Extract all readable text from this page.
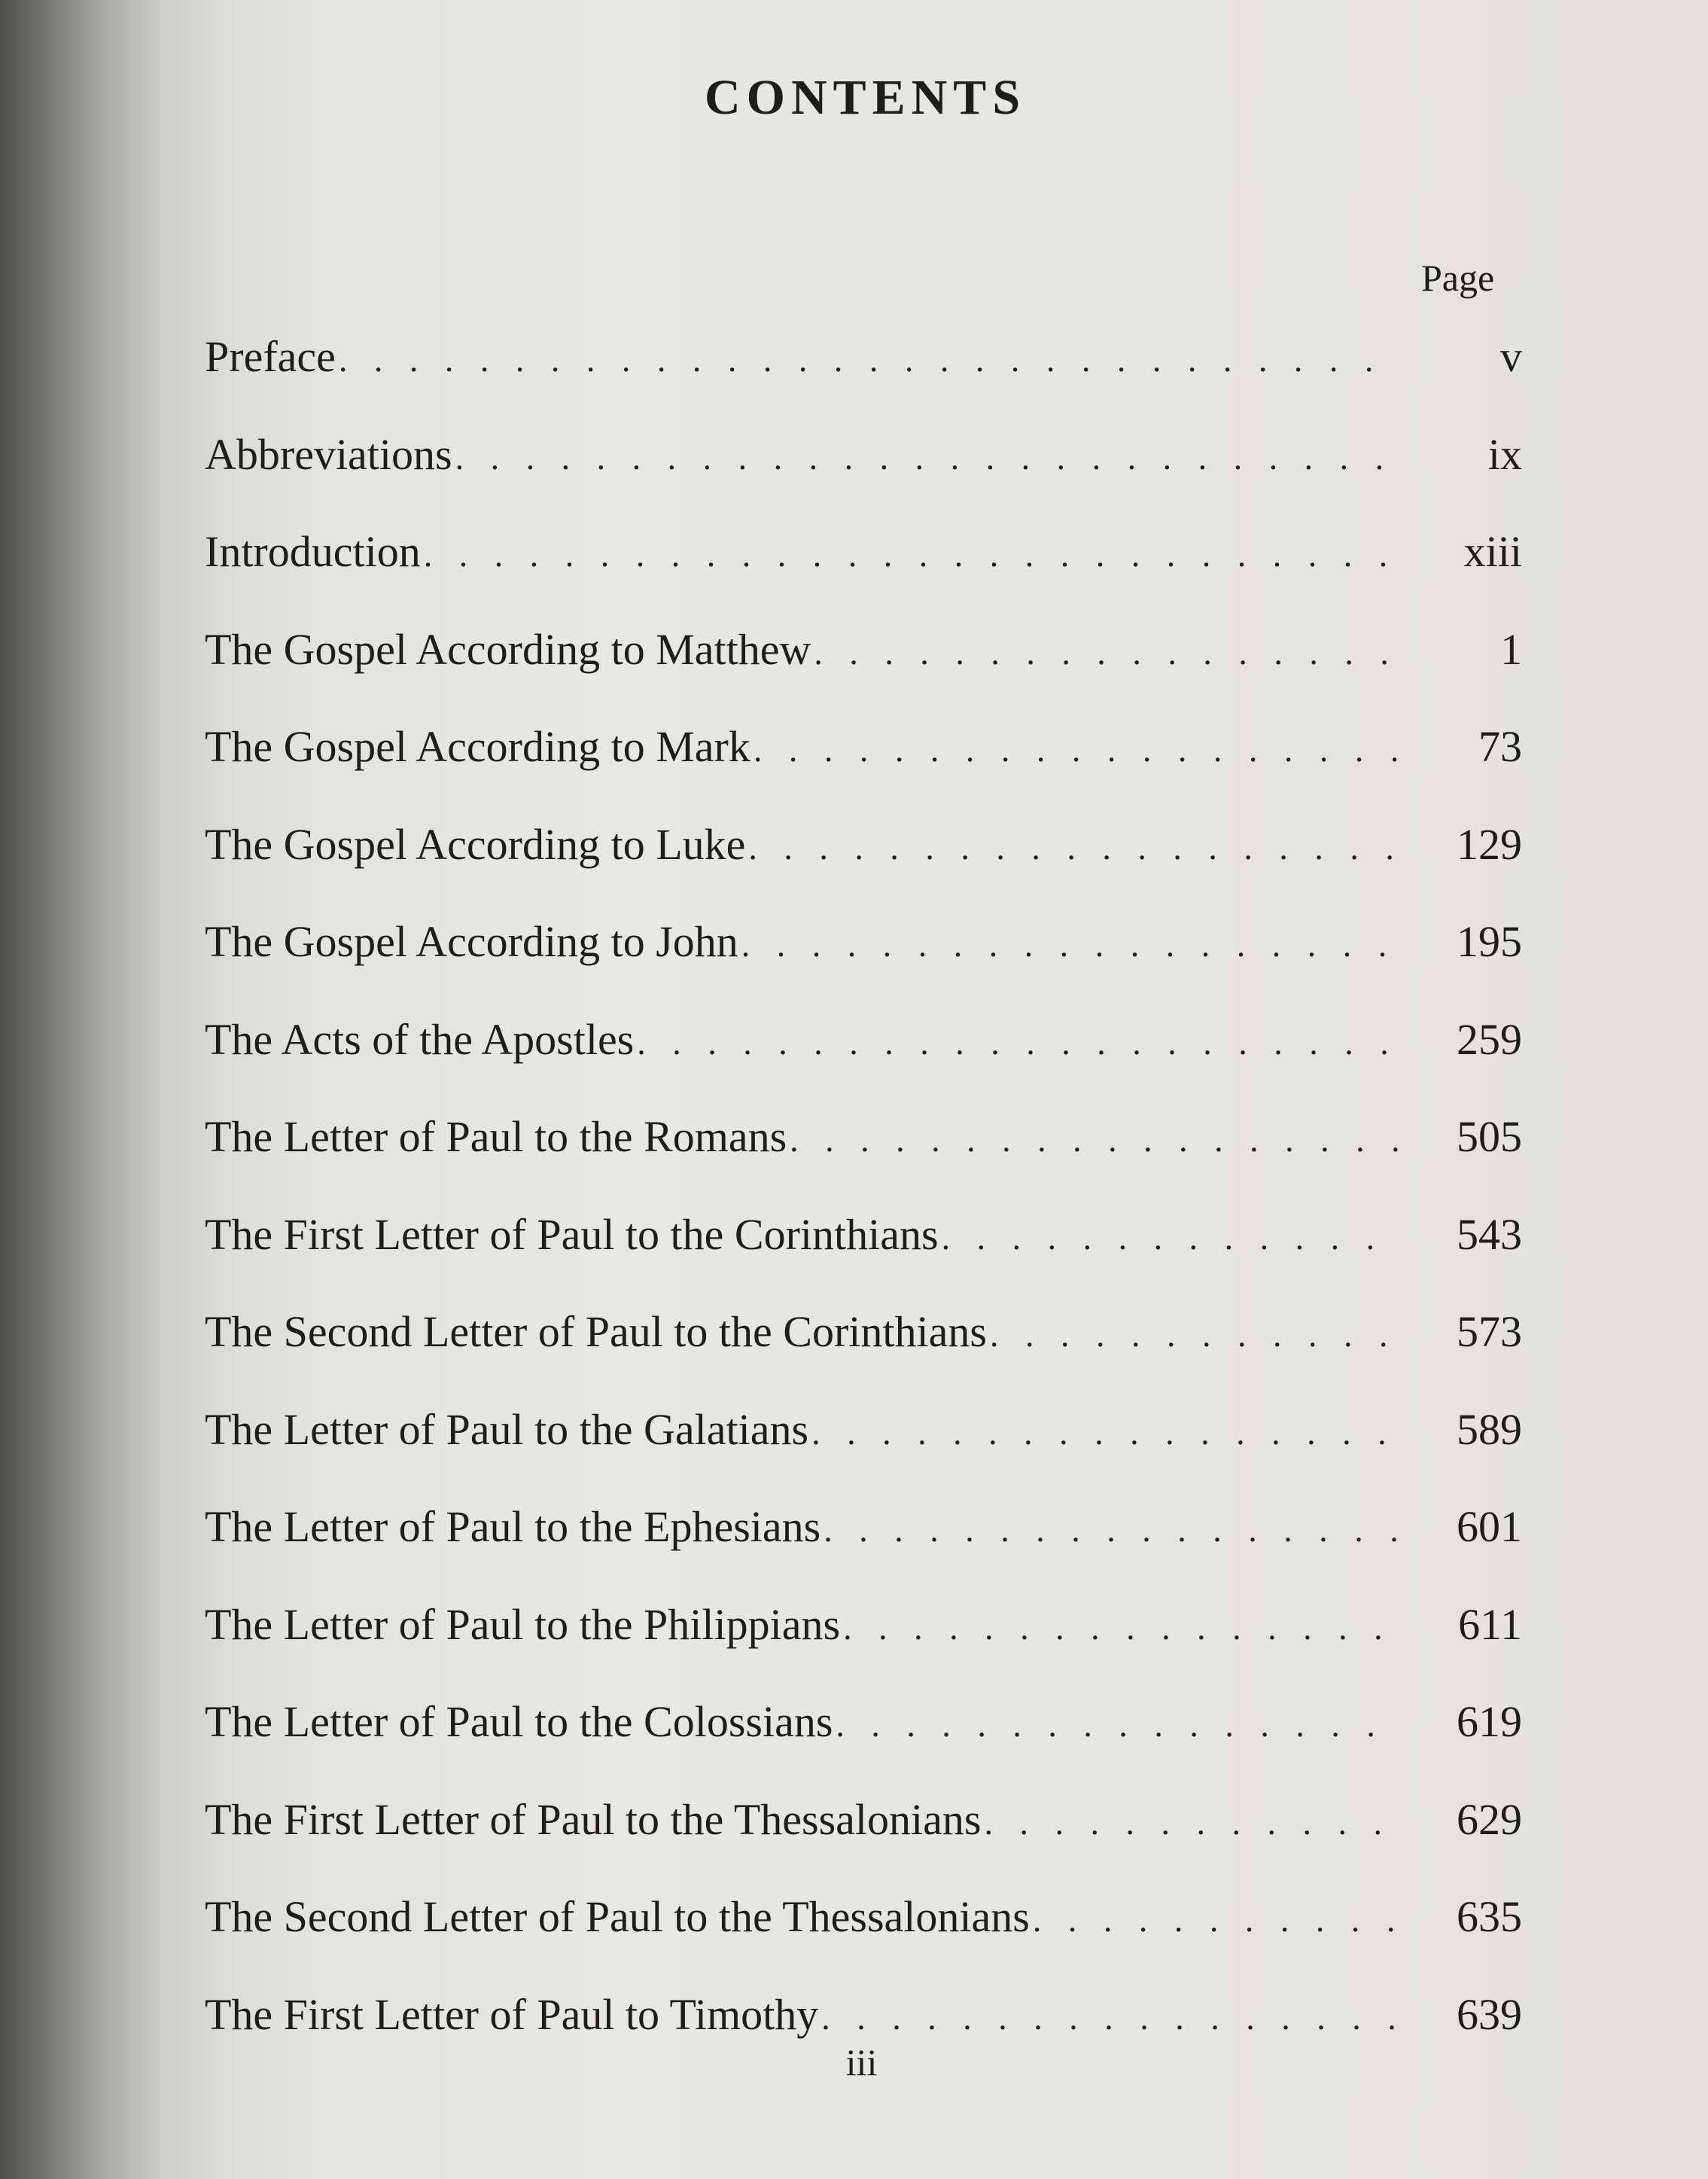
CONTENTS
Page
Preface . . .	v
Abbreviations . . .	ix
Introduction . . .	xiii
The Gospel According to Matthew . . .	1
The Gospel According to Mark . . .	73
The Gospel According to Luke . . .	129
The Gospel According to John . . .	195
The Acts of the Apostles . . .	259
The Letter of Paul to the Romans . . .	505
The First Letter of Paul to the Corinthians . . .	543
The Second Letter of Paul to the Corinthians . . .	573
The Letter of Paul to the Galatians . . .	589
The Letter of Paul to the Ephesians . . .	601
The Letter of Paul to the Philippians . . .	611
The Letter of Paul to the Colossians . . .	619
The First Letter of Paul to the Thessalonians . . .	629
The Second Letter of Paul to the Thessalonians . . .	635
The First Letter of Paul to Timothy . . .	639
iii
